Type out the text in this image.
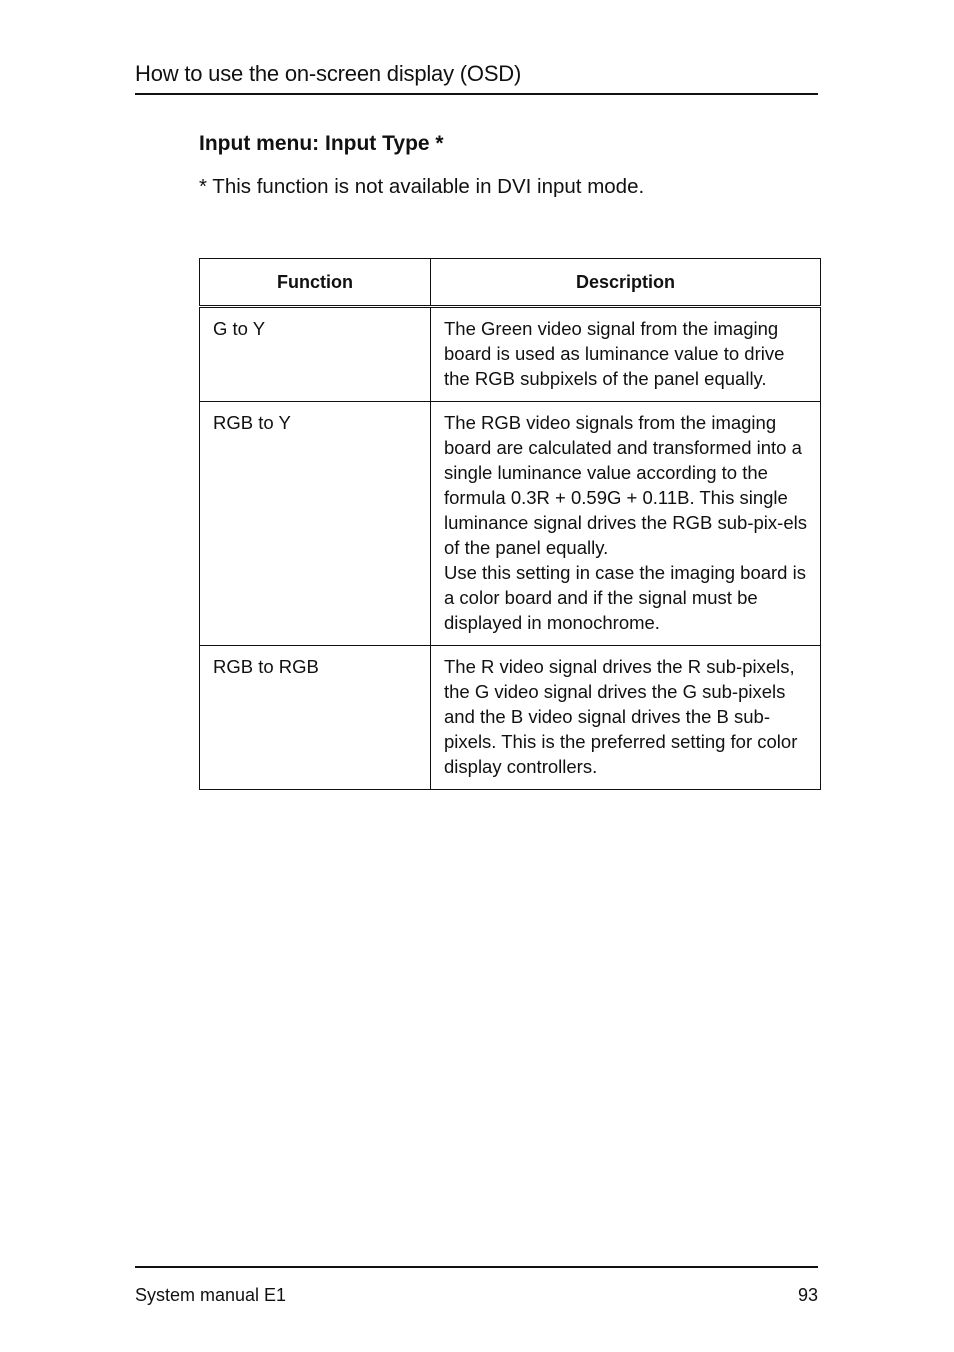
How to use the on-screen display (OSD)
Input menu: Input Type *
* This function is not available in DVI input mode.
Function	Description
G to Y	The Green video signal from the imaging board is used as luminance value to drive the RGB subpixels of the panel equally.

RGB to Y	The RGB video signals from the imaging board are calculated and transformed into a single luminance value according to the formula 0.3R + 0.59G + 0.11B. This single luminance signal drives the RGB sub-pix-els of the panel equally.
Use this setting in case the imaging board is a color board and if the signal must be displayed in monochrome.

RGB to RGB	The R video signal drives the R sub-pixels, the G video signal drives the G sub-pixels and the B video signal drives the B sub-pixels. This is the preferred setting for color display controllers.
System manual E1	93
